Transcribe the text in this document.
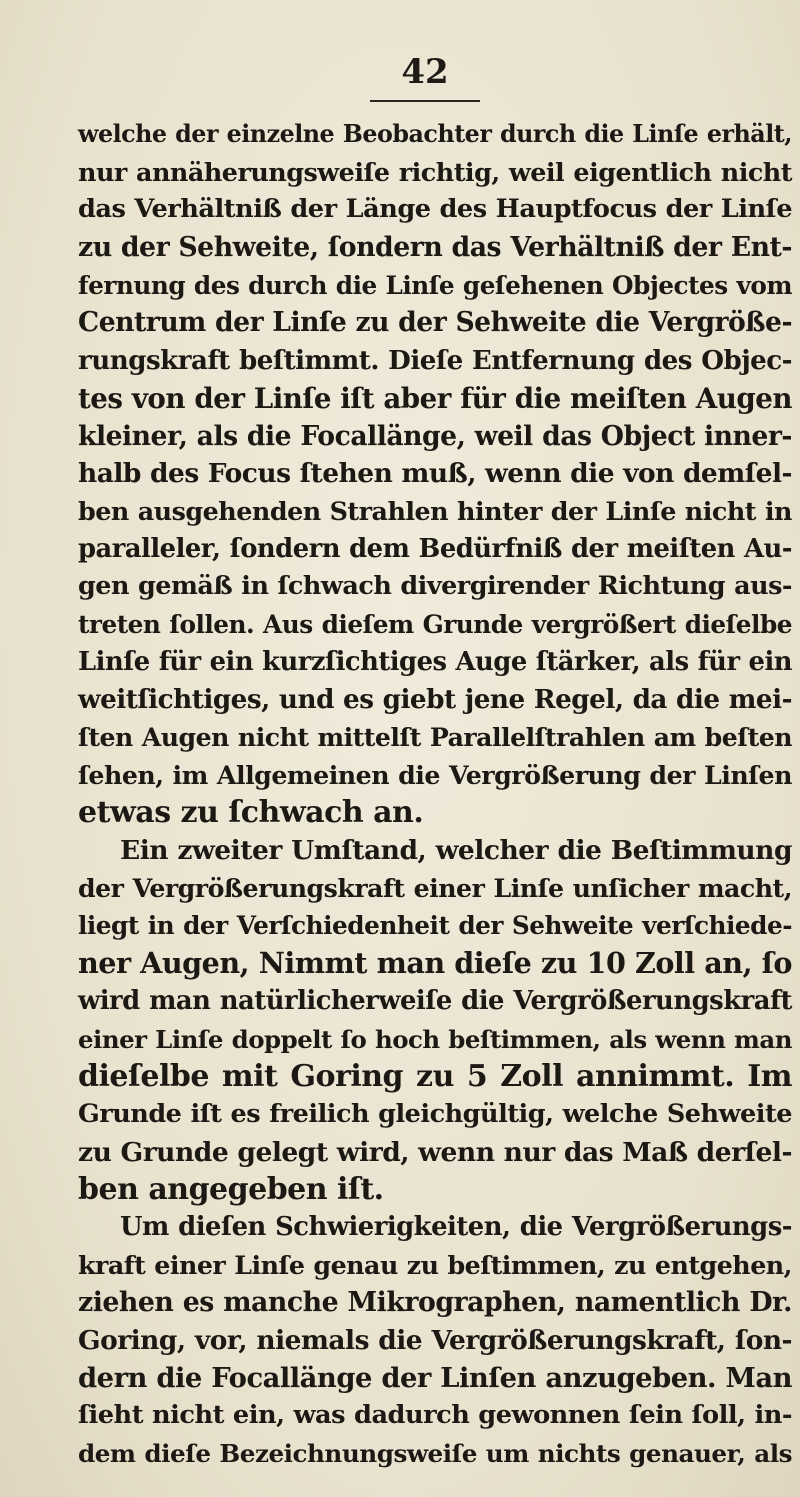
42
welche der einzelne Beobachter durch die Linſe erhält,
nur annäherungsweiſe richtig, weil eigentlich nicht
das Verhältniß der Länge des Hauptfocus der Linſe
zu der Sehweite, ſondern das Verhältniß der Ent-
fernung des durch die Linſe geſehenen Objectes vom
Centrum der Linſe zu der Sehweite die Vergröße-
rungskraft beſtimmt. Dieſe Entfernung des Objec-
tes von der Linſe iſt aber für die meiſten Augen
kleiner, als die Focallänge, weil das Object inner-
halb des Focus ſtehen muß, wenn die von demſel-
ben ausgehenden Strahlen hinter der Linſe nicht in
paralleler, ſondern dem Bedürfniß der meiſten Au-
gen gemäß in ſchwach divergirender Richtung aus-
treten ſollen. Aus dieſem Grunde vergrößert dieſelbe
Linſe für ein kurzſichtiges Auge ſtärker, als für ein
weitſichtiges, und es giebt jene Regel, da die mei-
ſten Augen nicht mittelſt Parallelſtrahlen am beſten
ſehen, im Allgemeinen die Vergrößerung der Linſen
etwas zu ſchwach an.
Ein zweiter Umſtand, welcher die Beſtimmung
der Vergrößerungskraft einer Linſe unſicher macht,
liegt in der Verſchiedenheit der Sehweite verſchiede-
ner Augen, Nimmt man dieſe zu 10 Zoll an, ſo
wird man natürlicherweiſe die Vergrößerungskraft
einer Linſe doppelt ſo hoch beſtimmen, als wenn man
dieſelbe mit Goring zu 5 Zoll annimmt. Im
Grunde iſt es freilich gleichgültig, welche Sehweite
zu Grunde gelegt wird, wenn nur das Maß derſel-
ben angegeben iſt.
Um dieſen Schwierigkeiten, die Vergrößerungs-
kraft einer Linſe genau zu beſtimmen, zu entgehen,
ziehen es manche Mikrographen, namentlich Dr.
Goring, vor, niemals die Vergrößerungskraft, ſon-
dern die Focallänge der Linſen anzugeben. Man
ſieht nicht ein, was dadurch gewonnen ſein ſoll, in-
dem dieſe Bezeichnungsweiſe um nichts genauer, als
